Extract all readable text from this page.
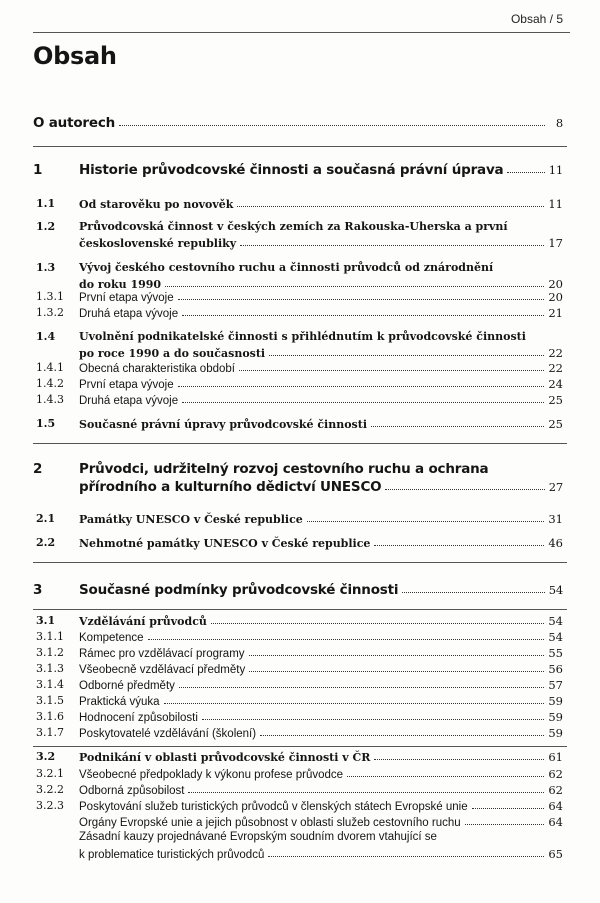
Obsah / 5
Obsah
O autorech	8
1	Historie průvodcovské činnosti a současná právní úprava	11
1.1 Od starověku po novověk	11
1.2 Průvodcovská činnost v českých zemích za Rakouska-Uherska a první
československé republiky	17
1.3 Vývoj českého cestovního ruchu a činnosti průvodců od znárodnění
do roku 1990	20
1.3.1 První etapa vývoje	20
1.3.2 Druhá etapa vývoje	21
1.4 Uvolnění podnikatelské činnosti s přihlédnutím k průvodcovské činnosti
po roce 1990 a do současnosti	22
1.4.1 Obecná charakteristika období	22
1.4.2 První etapa vývoje	24
1.4.3 Druhá etapa vývoje	25
1.5 Současné právní úpravy průvodcovské činnosti	25
2	Průvodci, udržitelný rozvoj cestovního ruchu a ochrana
přírodního a kulturního dědictví UNESCO	27
2.1 Památky UNESCO v České republice	31
2.2 Nehmotné památky UNESCO v České republice	46
3	Současné podmínky průvodcovské činnosti	54
3.1 Vzdělávání průvodců	54
3.1.1 Kompetence	54
3.1.2 Rámec pro vzdělávací programy	55
3.1.3 Všeobecně vzdělávací předměty	56
3.1.4 Odborné předměty	57
3.1.5 Praktická výuka	59
3.1.6 Hodnocení způsobilosti	59
3.1.7 Poskytovatelé vzdělávání (školení)	59
3.2 Podnikání v oblasti průvodcovské činnosti v ČR	61
3.2.1 Všeobecné předpoklady k výkonu profese průvodce	62
3.2.2 Odborná způsobilost	62
3.2.3 Poskytování služeb turistických průvodců v členských státech Evropské unie	64
Orgány Evropské unie a jejich působnost v oblasti služeb cestovního ruchu	64
Zásadní kauzy projednávané Evropským soudním dvorem vtahující se
k problematice turistických průvodců	65
